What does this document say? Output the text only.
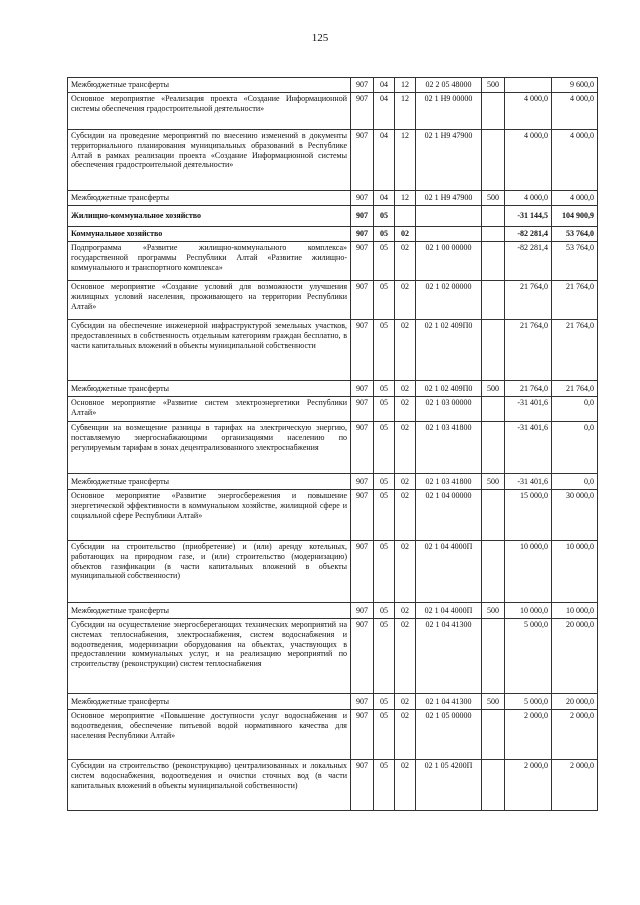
125
Межбюджетные трансферты	907	04	12	02 2 05 48000	500		9 600,0
Основное мероприятие «Реализация проекта «Создание Информационной системы обеспечения градостроительной деятельности»	907	04	12	02 1 Н9 00000		4 000,0	4 000,0
Субсидии на проведение мероприятий по внесению изменений в документы территориального планирования муниципальных образований в Республике Алтай в рамках реализации проекта «Создание Информационной системы обеспечения градостроительной деятельности»	907	04	12	02 1 Н9 47900		4 000,0	4 000,0
Межбюджетные трансферты	907	04	12	02 1 Н9 47900	500	4 000,0	4 000,0
Жилищно-коммунальное хозяйство	907	05				-31 144,5	104 900,9
Коммунальное хозяйство	907	05	02			-82 281,4	53 764,0
Подпрограмма «Развитие жилищно-коммунального комплекса» государственной программы Республики Алтай «Развитие жилищно-коммунального и транспортного комплекса»	907	05	02	02 1 00 00000		-82 281,4	53 764,0
Основное мероприятие «Создание условий для возможности улучшения жилищных условий населения, проживающего на территории Республики Алтай»	907	05	02	02 1 02 00000		21 764,0	21 764,0
Субсидии на обеспечение инженерной инфраструктурой земельных участков, предоставленных в собственность отдельным категориям граждан бесплатно, в части капитальных вложений в объекты муниципальной собственности	907	05	02	02 1 02 409П0		21 764,0	21 764,0
Межбюджетные трансферты	907	05	02	02 1 02 409П0	500	21 764,0	21 764,0
Основное мероприятие «Развитие систем электроэнергетики Республики Алтай»	907	05	02	02 1 03 00000		-31 401,6	0,0
Субвенции на возмещение разницы в тарифах на электрическую энергию, поставляемую энергоснабжающими организациями населению по регулируемым тарифам в зонах децентрализованного электроснабжения	907	05	02	02 1 03 41800		-31 401,6	0,0
Межбюджетные трансферты	907	05	02	02 1 03 41800	500	-31 401,6	0,0
Основное мероприятие «Развитие энергосбережения и повышение энергетической эффективности в коммунальном хозяйстве, жилищной сфере и социальной сфере Республики Алтай»	907	05	02	02 1 04 00000		15 000,0	30 000,0
Субсидии на строительство (приобретение) и (или) аренду котельных, работающих на природном газе, и (или) строительство (модернизацию) объектов газификации (в части капитальных вложений в объекты муниципальной собственности)	907	05	02	02 1 04 4000П		10 000,0	10 000,0
Межбюджетные трансферты	907	05	02	02 1 04 4000П	500	10 000,0	10 000,0
Субсидии на осуществление энергосберегающих технических мероприятий на системах теплоснабжения, электроснабжения, систем водоснабжения и водоотведения, модернизации оборудования на объектах, участвующих в предоставлении коммунальных услуг, и на реализацию мероприятий по строительству (реконструкции) систем теплоснабжения	907	05	02	02 1 04 41300		5 000,0	20 000,0
Межбюджетные трансферты	907	05	02	02 1 04 41300	500	5 000,0	20 000,0
Основное мероприятие «Повышение доступности услуг водоснабжения и водоотведения, обеспечение питьевой водой нормативного качества для населения Республики Алтай»	907	05	02	02 1 05 00000		2 000,0	2 000,0
Субсидии на строительство (реконструкцию) централизованных и локальных систем водоснабжения, водоотведения и очистки сточных вод (в части капитальных вложений в объекты муниципальной собственности)	907	05	02	02 1 05 4200П		2 000,0	2 000,0
